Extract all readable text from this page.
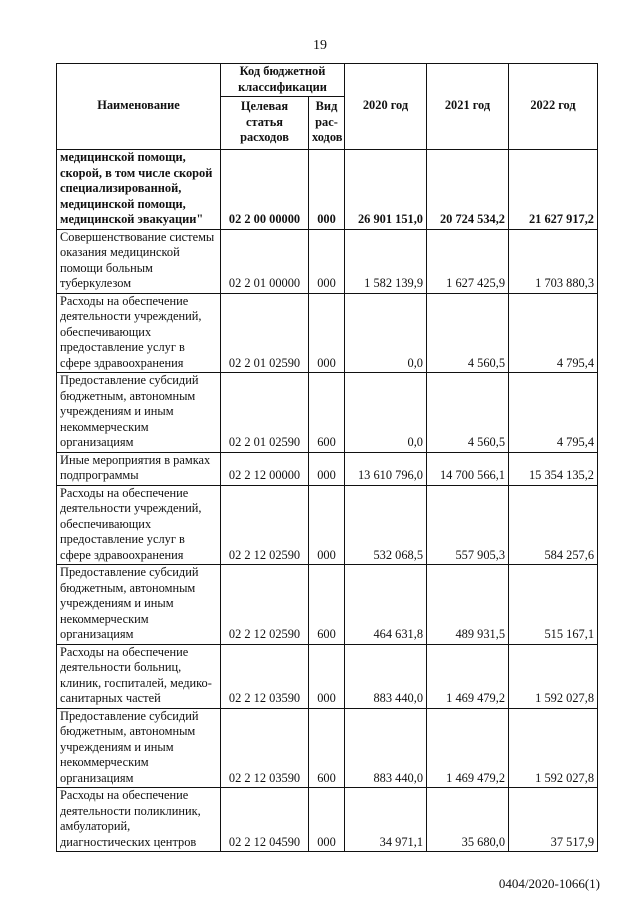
19
Наименование	Код бюджетной классификации		2020 год	2021 год	2022 год
	Целевая статья расходов	Вид рас-ходов			
медицинской помощи, скорой, в том числе скорой специализированной, медицинской помощи, медицинской эвакуации"	02 2 00 00000	000	26 901 151,0	20 724 534,2	21 627 917,2
Совершенствование системы оказания медицинской помощи больным туберкулезом	02 2 01 00000	000	1 582 139,9	1 627 425,9	1 703 880,3
Расходы на обеспечение деятельности учреждений, обеспечивающих предоставление услуг в сфере здравоохранения	02 2 01 02590	000	0,0	4 560,5	4 795,4
Предоставление субсидий бюджетным, автономным учреждениям и иным некоммерческим организациям	02 2 01 02590	600	0,0	4 560,5	4 795,4
Иные мероприятия в рамках подпрограммы	02 2 12 00000	000	13 610 796,0	14 700 566,1	15 354 135,2
Расходы на обеспечение деятельности учреждений, обеспечивающих предоставление услуг в сфере здравоохранения	02 2 12 02590	000	532 068,5	557 905,3	584 257,6
Предоставление субсидий бюджетным, автономным учреждениям и иным некоммерческим организациям	02 2 12 02590	600	464 631,8	489 931,5	515 167,1
Расходы на обеспечение деятельности больниц, клиник, госпиталей, медико-санитарных частей	02 2 12 03590	000	883 440,0	1 469 479,2	1 592 027,8
Предоставление субсидий бюджетным, автономным учреждениям и иным некоммерческим организациям	02 2 12 03590	600	883 440,0	1 469 479,2	1 592 027,8
Расходы на обеспечение деятельности поликлиник, амбулаторий, диагностических центров	02 2 12 04590	000	34 971,1	35 680,0	37 517,9
0404/2020-1066(1)
